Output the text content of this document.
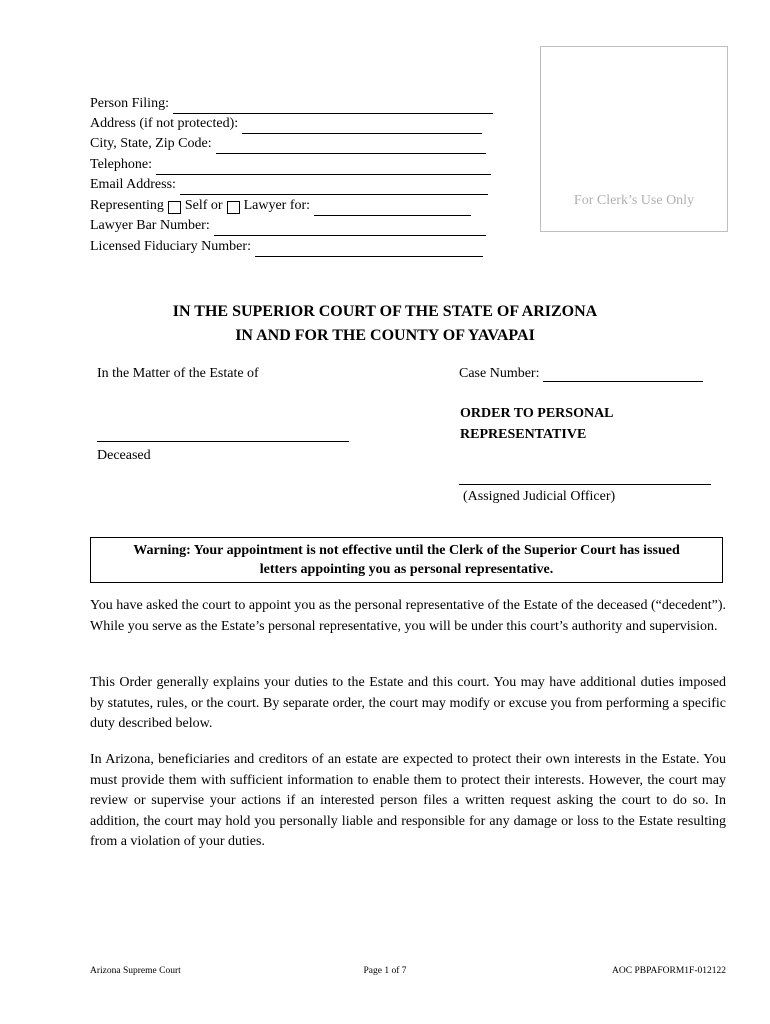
Person Filing:
Address (if not protected):
City, State, Zip Code:
Telephone:
Email Address:
Representing Self or Lawyer for:
Lawyer Bar Number:
Licensed Fiduciary Number:
For Clerk’s Use Only
IN THE SUPERIOR COURT OF THE STATE OF ARIZONA
IN AND FOR THE COUNTY OF YAVAPAI
In the Matter of the Estate of
Deceased
Case Number:
ORDER TO PERSONAL
REPRESENTATIVE
(Assigned Judicial Officer)
Warning: Your appointment is not effective until the Clerk of the Superior Court has issued
letters appointing you as personal representative.
You have asked the court to appoint you as the personal representative of the Estate of the deceased (“decedent”). While you serve as the Estate’s personal representative, you will be under this court’s authority and supervision.
This Order generally explains your duties to the Estate and this court. You may have additional duties imposed by statutes, rules, or the court. By separate order, the court may modify or excuse you from performing a specific duty described below.
In Arizona, beneficiaries and creditors of an estate are expected to protect their own interests in the Estate. You must provide them with sufficient information to enable them to protect their interests. However, the court may review or supervise your actions if an interested person files a written request asking the court to do so. In addition, the court may hold you personally liable and responsible for any damage or loss to the Estate resulting from a violation of your duties.
Arizona Supreme Court	Page 1 of 7	AOC PBPAFORM1F-012122
